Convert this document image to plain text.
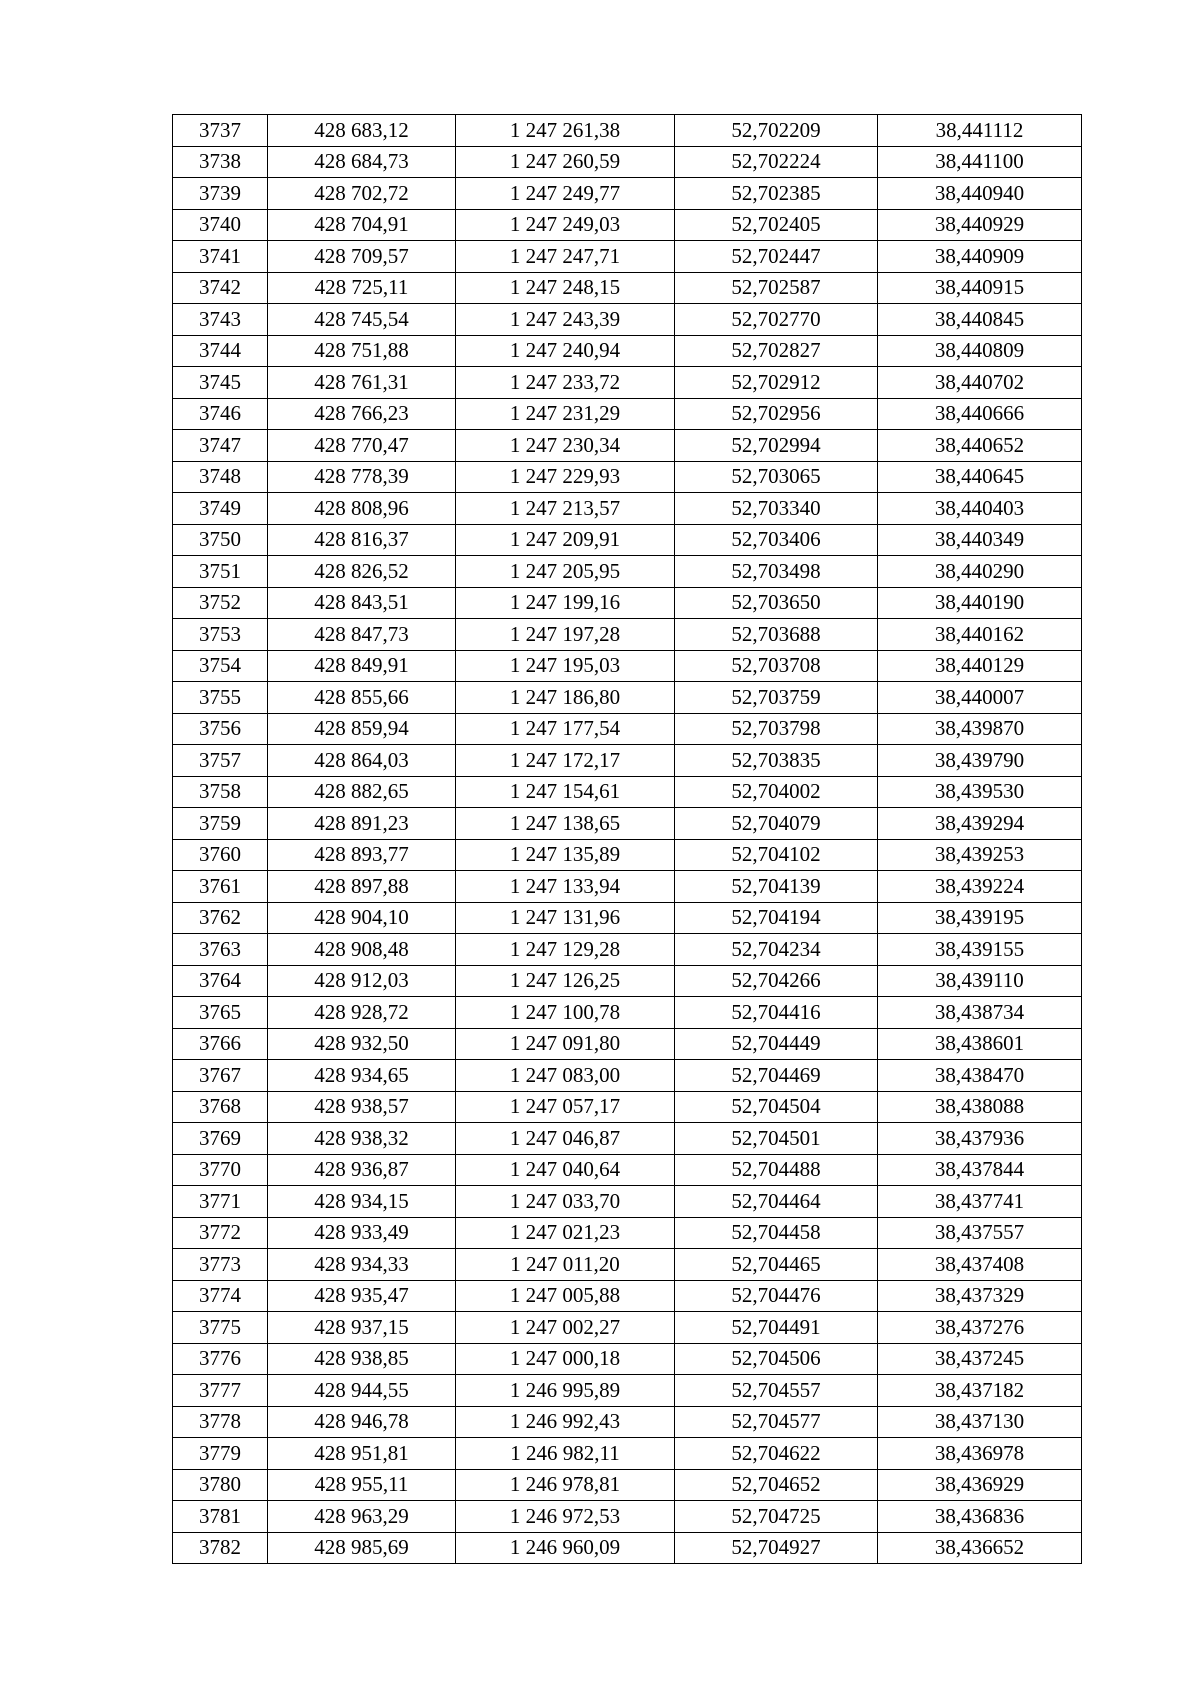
3737	428 683,12	1 247 261,38	52,702209	38,441112
3738	428 684,73	1 247 260,59	52,702224	38,441100
3739	428 702,72	1 247 249,77	52,702385	38,440940
3740	428 704,91	1 247 249,03	52,702405	38,440929
3741	428 709,57	1 247 247,71	52,702447	38,440909
3742	428 725,11	1 247 248,15	52,702587	38,440915
3743	428 745,54	1 247 243,39	52,702770	38,440845
3744	428 751,88	1 247 240,94	52,702827	38,440809
3745	428 761,31	1 247 233,72	52,702912	38,440702
3746	428 766,23	1 247 231,29	52,702956	38,440666
3747	428 770,47	1 247 230,34	52,702994	38,440652
3748	428 778,39	1 247 229,93	52,703065	38,440645
3749	428 808,96	1 247 213,57	52,703340	38,440403
3750	428 816,37	1 247 209,91	52,703406	38,440349
3751	428 826,52	1 247 205,95	52,703498	38,440290
3752	428 843,51	1 247 199,16	52,703650	38,440190
3753	428 847,73	1 247 197,28	52,703688	38,440162
3754	428 849,91	1 247 195,03	52,703708	38,440129
3755	428 855,66	1 247 186,80	52,703759	38,440007
3756	428 859,94	1 247 177,54	52,703798	38,439870
3757	428 864,03	1 247 172,17	52,703835	38,439790
3758	428 882,65	1 247 154,61	52,704002	38,439530
3759	428 891,23	1 247 138,65	52,704079	38,439294
3760	428 893,77	1 247 135,89	52,704102	38,439253
3761	428 897,88	1 247 133,94	52,704139	38,439224
3762	428 904,10	1 247 131,96	52,704194	38,439195
3763	428 908,48	1 247 129,28	52,704234	38,439155
3764	428 912,03	1 247 126,25	52,704266	38,439110
3765	428 928,72	1 247 100,78	52,704416	38,438734
3766	428 932,50	1 247 091,80	52,704449	38,438601
3767	428 934,65	1 247 083,00	52,704469	38,438470
3768	428 938,57	1 247 057,17	52,704504	38,438088
3769	428 938,32	1 247 046,87	52,704501	38,437936
3770	428 936,87	1 247 040,64	52,704488	38,437844
3771	428 934,15	1 247 033,70	52,704464	38,437741
3772	428 933,49	1 247 021,23	52,704458	38,437557
3773	428 934,33	1 247 011,20	52,704465	38,437408
3774	428 935,47	1 247 005,88	52,704476	38,437329
3775	428 937,15	1 247 002,27	52,704491	38,437276
3776	428 938,85	1 247 000,18	52,704506	38,437245
3777	428 944,55	1 246 995,89	52,704557	38,437182
3778	428 946,78	1 246 992,43	52,704577	38,437130
3779	428 951,81	1 246 982,11	52,704622	38,436978
3780	428 955,11	1 246 978,81	52,704652	38,436929
3781	428 963,29	1 246 972,53	52,704725	38,436836
3782	428 985,69	1 246 960,09	52,704927	38,436652
